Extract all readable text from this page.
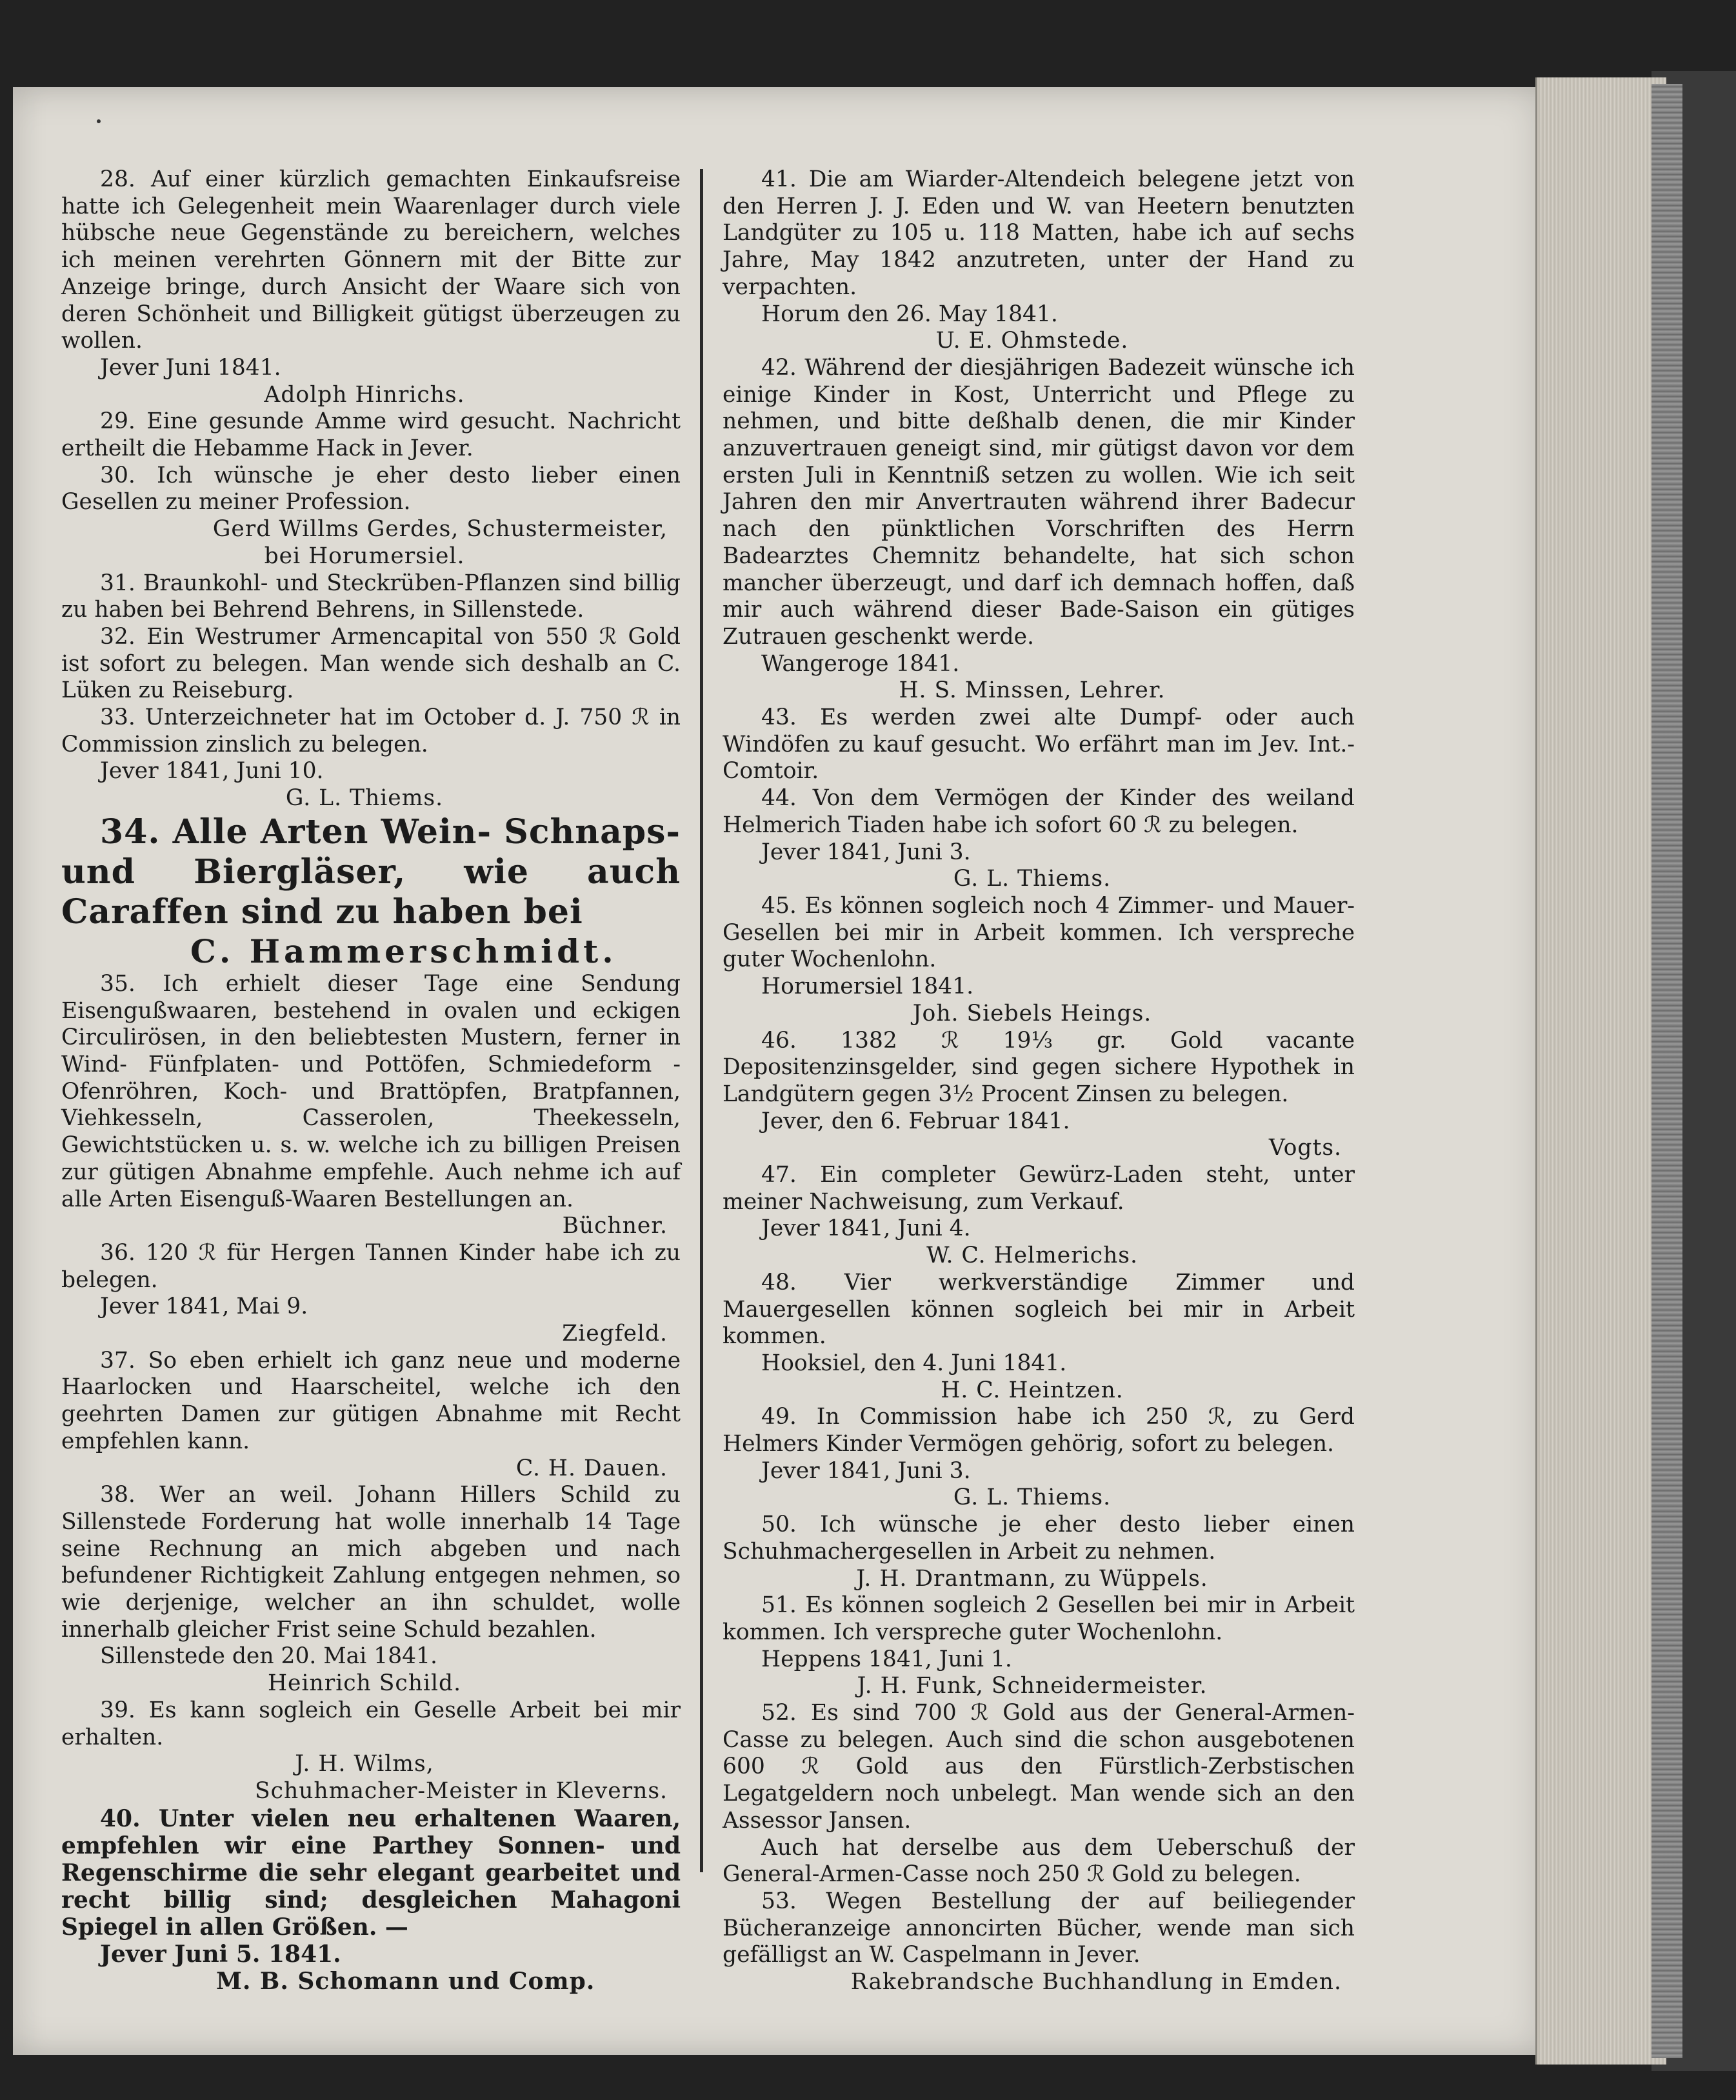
28. Auf einer kürzlich gemachten Einkaufsreise hatte ich Gelegenheit mein Waarenlager durch viele hübsche neue Gegenstände zu bereichern, welches ich meinen verehrten Gönnern mit der Bitte zur Anzeige bringe, durch Ansicht der Waare sich von deren Schönheit und Billigkeit gütigst überzeugen zu wollen.

Jever Juni 1841.

Adolph Hinrichs.

29. Eine gesunde Amme wird gesucht. Nachricht ertheilt die Hebamme Hack in Jever.

30. Ich wünsche je eher desto lieber einen Gesellen zu meiner Profession.

Gerd Willms Gerdes, Schustermeister,

bei Horumersiel.

31. Braunkohl- und Steckrüben-Pflanzen sind billig zu haben bei Behrend Behrens, in Sillenstede.

32. Ein Westrumer Armencapital von 550 ℛ Gold ist sofort zu belegen. Man wende sich deshalb an C. Lüken zu Reiseburg.

33. Unterzeichneter hat im October d. J. 750 ℛ in Commission zinslich zu belegen.

Jever 1841, Juni 10.

G. L. Thiems.

34. Alle Arten Wein- Schnaps- und Biergläser, wie auch Caraffen sind zu haben bei

C. Hammerschmidt.

35. Ich erhielt dieser Tage eine Sendung Eisengußwaaren, bestehend in ovalen und eckigen Circulirösen, in den beliebtesten Mustern, ferner in Wind- Fünfplaten- und Pottöfen, Schmiedeform - Ofenröhren, Koch- und Brattöpfen, Bratpfannen, Viehkesseln, Casserolen, Theekesseln, Gewichtstücken u. s. w. welche ich zu billigen Preisen zur gütigen Abnahme empfehle. Auch nehme ich auf alle Arten Eisenguß-Waaren Bestellungen an.

Büchner.

36. 120 ℛ für Hergen Tannen Kinder habe ich zu belegen.

Jever 1841, Mai 9.

Ziegfeld.

37. So eben erhielt ich ganz neue und moderne Haarlocken und Haarscheitel, welche ich den geehrten Damen zur gütigen Abnahme mit Recht empfehlen kann.

C. H. Dauen.

38. Wer an weil. Johann Hillers Schild zu Sillenstede Forderung hat wolle innerhalb 14 Tage seine Rechnung an mich abgeben und nach befundener Richtigkeit Zahlung entgegen nehmen, so wie derjenige, welcher an ihn schuldet, wolle innerhalb gleicher Frist seine Schuld bezahlen.

Sillenstede den 20. Mai 1841.

Heinrich Schild.

39. Es kann sogleich ein Geselle Arbeit bei mir erhalten.

J. H. Wilms,

Schuhmacher-Meister in Kleverns.

40. Unter vielen neu erhaltenen Waaren, empfehlen wir eine Parthey Sonnen- und Regenschirme die sehr elegant gearbeitet und recht billig sind; desgleichen Mahagoni Spiegel in allen Größen. —

Jever Juni 5. 1841.

M. B. Schomann und Comp.

41. Die am Wiarder-Altendeich belegene jetzt von den Herren J. J. Eden und W. van Heetern benutzten Landgüter zu 105 u. 118 Matten, habe ich auf sechs Jahre, May 1842 anzutreten, unter der Hand zu verpachten.

Horum den 26. May 1841.

U. E. Ohmstede.

42. Während der diesjährigen Badezeit wünsche ich einige Kinder in Kost, Unterricht und Pflege zu nehmen, und bitte deßhalb denen, die mir Kinder anzuvertrauen geneigt sind, mir gütigst davon vor dem ersten Juli in Kenntniß setzen zu wollen. Wie ich seit Jahren den mir Anvertrauten während ihrer Badecur nach den pünktlichen Vorschriften des Herrn Badearztes Chemnitz behandelte, hat sich schon mancher überzeugt, und darf ich demnach hoffen, daß mir auch während dieser Bade-Saison ein gütiges Zutrauen geschenkt werde.

Wangeroge 1841.

H. S. Minssen, Lehrer.

43. Es werden zwei alte Dumpf- oder auch Windöfen zu kauf gesucht. Wo erfährt man im Jev. Int.-Comtoir.

44. Von dem Vermögen der Kinder des weiland Helmerich Tiaden habe ich sofort 60 ℛ zu belegen.

Jever 1841, Juni 3.

G. L. Thiems.

45. Es können sogleich noch 4 Zimmer- und Mauer-Gesellen bei mir in Arbeit kommen. Ich verspreche guter Wochenlohn.

Horumersiel 1841.

Joh. Siebels Heings.

46. 1382 ℛ 19⅓ gr. Gold vacante Depositenzinsgelder, sind gegen sichere Hypothek in Landgütern gegen 3½ Procent Zinsen zu belegen.

Jever, den 6. Februar 1841.

Vogts.

47. Ein completer Gewürz-Laden steht, unter meiner Nachweisung, zum Verkauf.

Jever 1841, Juni 4.

W. C. Helmerichs.

48. Vier werkverständige Zimmer und Mauergesellen können sogleich bei mir in Arbeit kommen.

Hooksiel, den 4. Juni 1841.

H. C. Heintzen.

49. In Commission habe ich 250 ℛ, zu Gerd Helmers Kinder Vermögen gehörig, sofort zu belegen.

Jever 1841, Juni 3.

G. L. Thiems.

50. Ich wünsche je eher desto lieber einen Schuhmachergesellen in Arbeit zu nehmen.

J. H. Drantmann, zu Wüppels.

51. Es können sogleich 2 Gesellen bei mir in Arbeit kommen. Ich verspreche guter Wochenlohn.

Heppens 1841, Juni 1.

J. H. Funk, Schneidermeister.

52. Es sind 700 ℛ Gold aus der General-Armen-Casse zu belegen. Auch sind die schon ausgebotenen 600 ℛ Gold aus den Fürstlich-Zerbstischen Legatgeldern noch unbelegt. Man wende sich an den Assessor Jansen.

Auch hat derselbe aus dem Ueberschuß der General-Armen-Casse noch 250 ℛ Gold zu belegen.

53. Wegen Bestellung der auf beiliegender Bücheranzeige annoncirten Bücher, wende man sich gefälligst an W. Caspelmann in Jever.

Rakebrandsche Buchhandlung in Emden.
